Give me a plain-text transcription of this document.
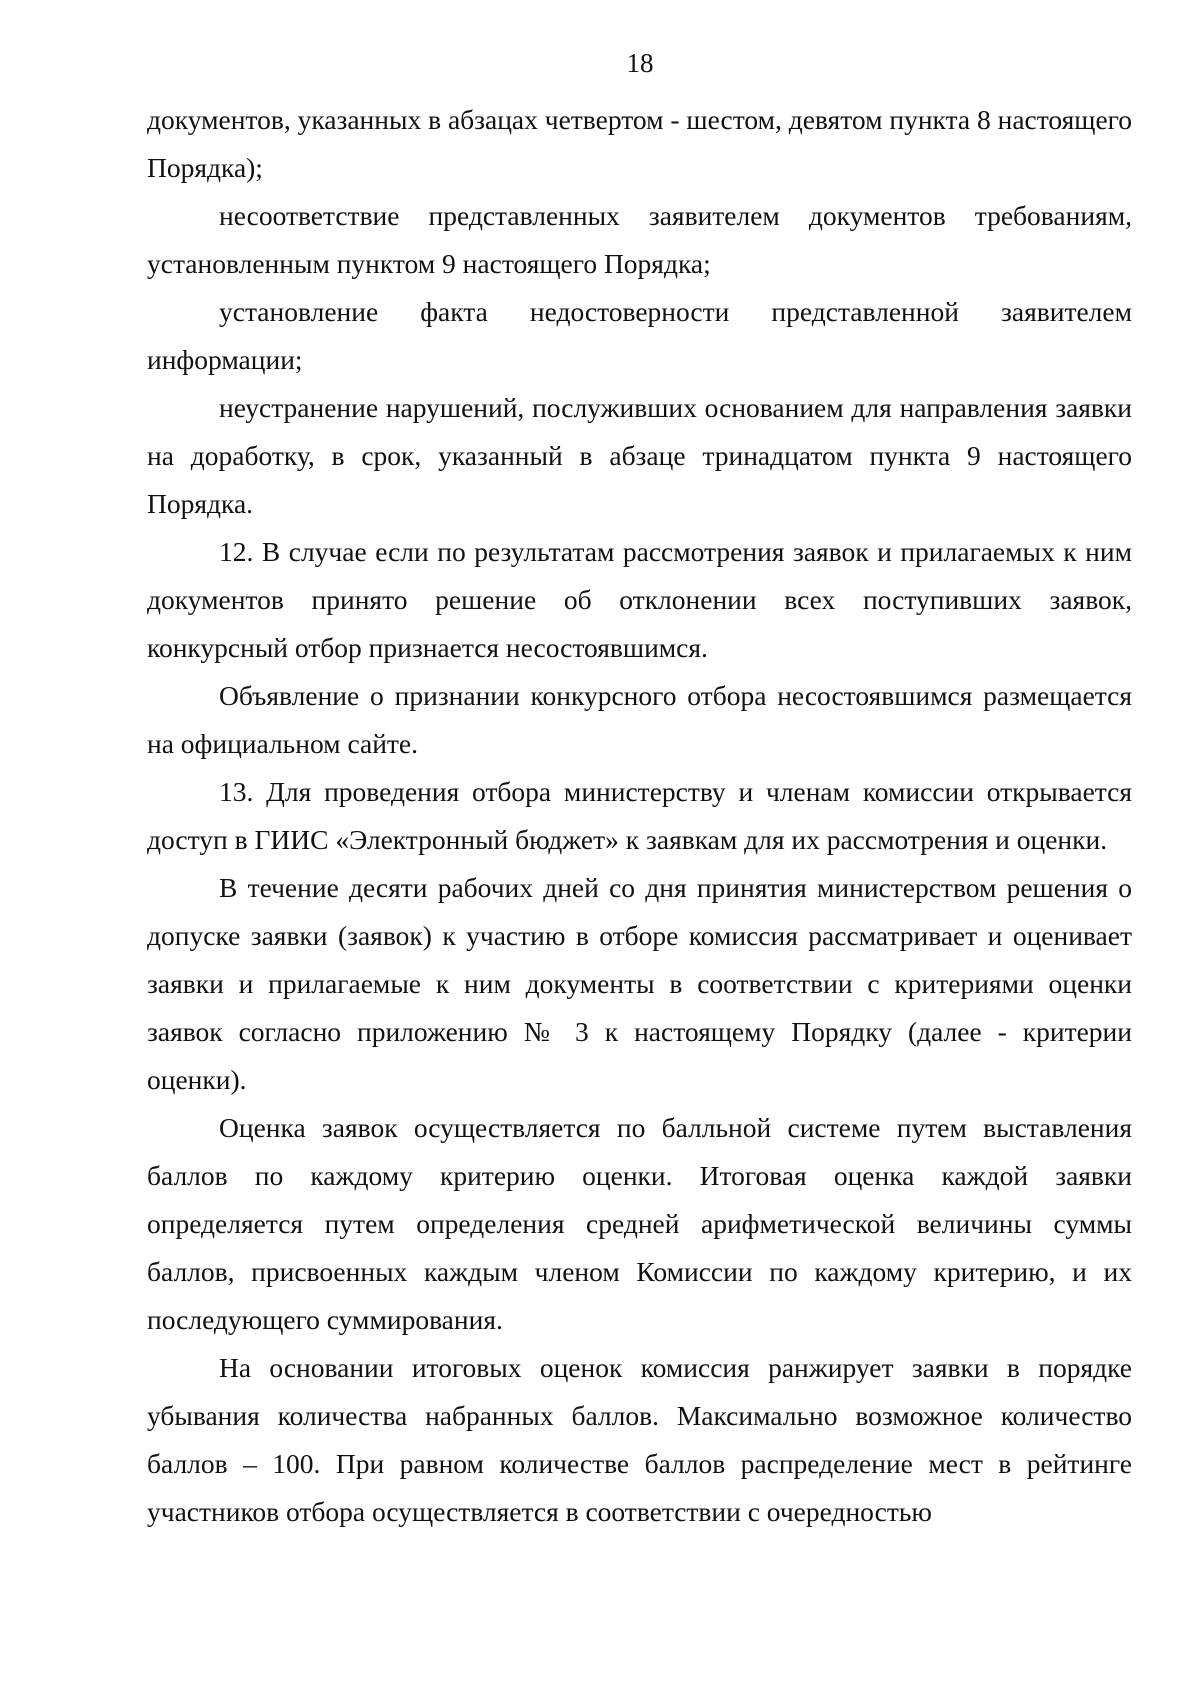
18

документов, указанных в абзацах четвертом - шестом, девятом пункта 8 настоящего Порядка);

несоответствие представленных заявителем документов требованиям, установленным пунктом 9 настоящего Порядка;

установление факта недостоверности представленной заявителем информации;

неустранение нарушений, послуживших основанием для направления заявки на доработку, в срок, указанный в абзаце тринадцатом пункта 9 настоящего Порядка.

12. В случае если по результатам рассмотрения заявок и прилагаемых к ним документов принято решение об отклонении всех поступивших заявок, конкурсный отбор признается несостоявшимся.

Объявление о признании конкурсного отбора несостоявшимся размещается на официальном сайте.

13. Для проведения отбора министерству и членам комиссии открывается доступ в ГИИС «Электронный бюджет» к заявкам для их рассмотрения и оценки.

В течение десяти рабочих дней со дня принятия министерством решения о допуске заявки (заявок) к участию в отборе комиссия рассматривает и оценивает заявки и прилагаемые к ним документы в соответствии с критериями оценки заявок согласно приложению № 3 к настоящему Порядку (далее - критерии оценки).

Оценка заявок осуществляется по балльной системе путем выставления баллов по каждому критерию оценки. Итоговая оценка каждой заявки определяется путем определения средней арифметической величины суммы баллов, присвоенных каждым членом Комиссии по каждому критерию, и их последующего суммирования.

На основании итоговых оценок комиссия ранжирует заявки в порядке убывания количества набранных баллов. Максимально возможное количество баллов – 100. При равном количестве баллов распределение мест в рейтинге участников отбора осуществляется в соответствии с очередностью
